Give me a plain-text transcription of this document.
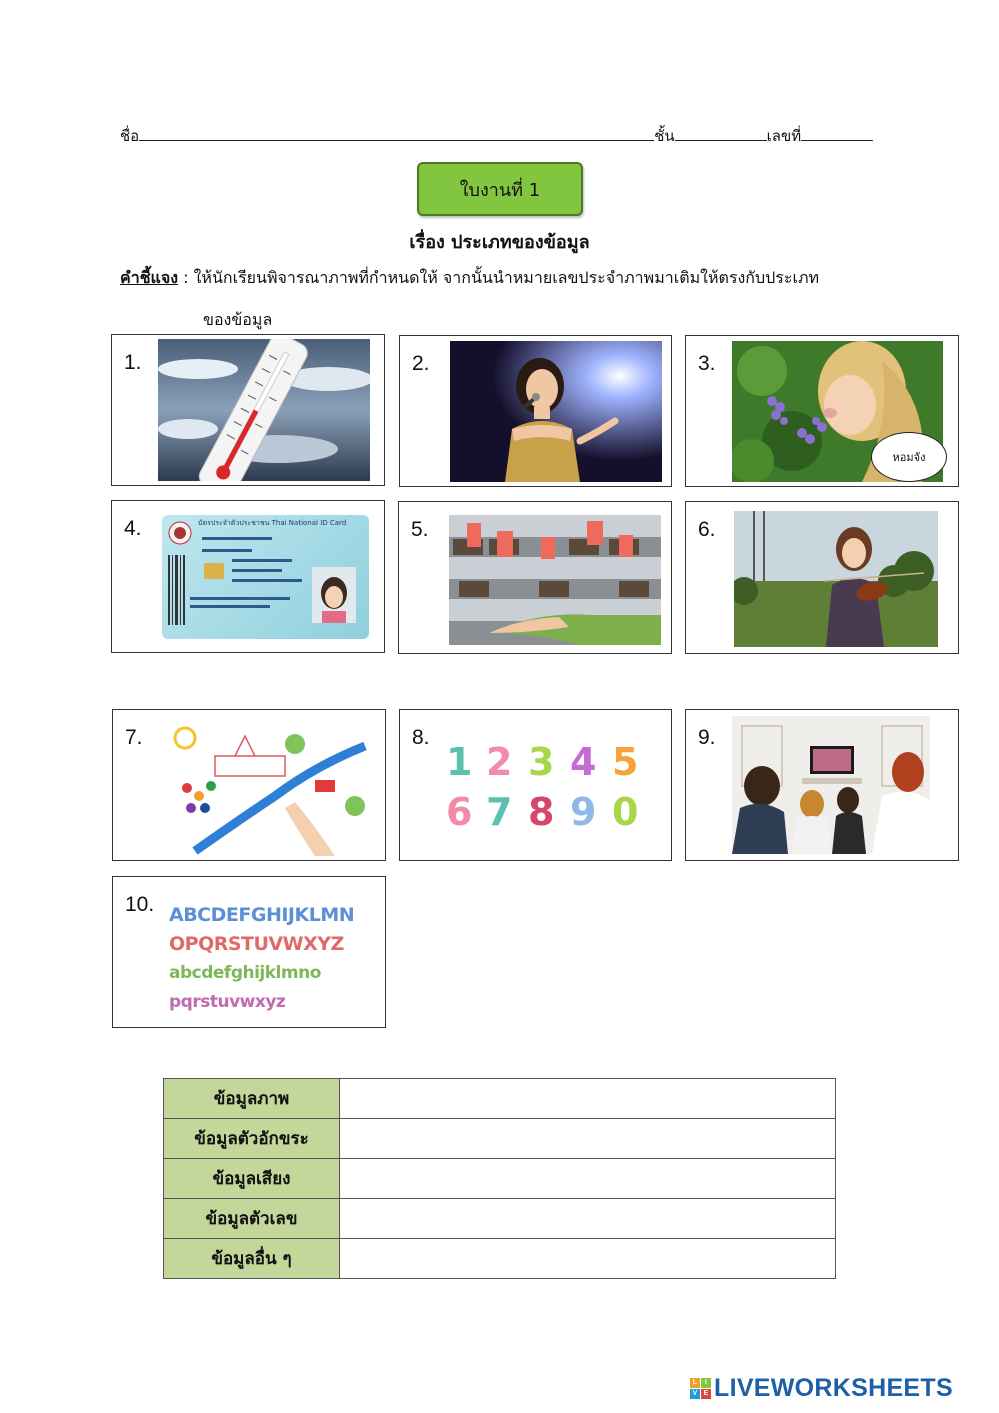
ชื่อ	ชั้น	เลขที่
ใบงานที่ 1
เรื่อง ประเภทของข้อมูล
คำชี้แจง : ให้นักเรียนพิจารณาภาพที่กำหนดให้ จากนั้นนำหมายเลขประจำภาพมาเติมให้ตรงกับประเภท
ของข้อมูล
1.	2.	3.
หอมจัง
4.	บัตรประจำตัวประชาชน Thai National ID Card	5.	6.
7.	8.
1 2 3 4 5
6 7 8 9 0
9.
10. ABCDEFGHIJKLMN
OPQRSTUVWXYZ
abcdefghijklmno
pqrstuvwxyz
ข้อมูลภาพ	
ข้อมูลตัวอักขระ	
ข้อมูลเสียง	
ข้อมูลตัวเลข	
ข้อมูลอื่น ๆ	
L	I
V E LIVEWORKSHEETS
